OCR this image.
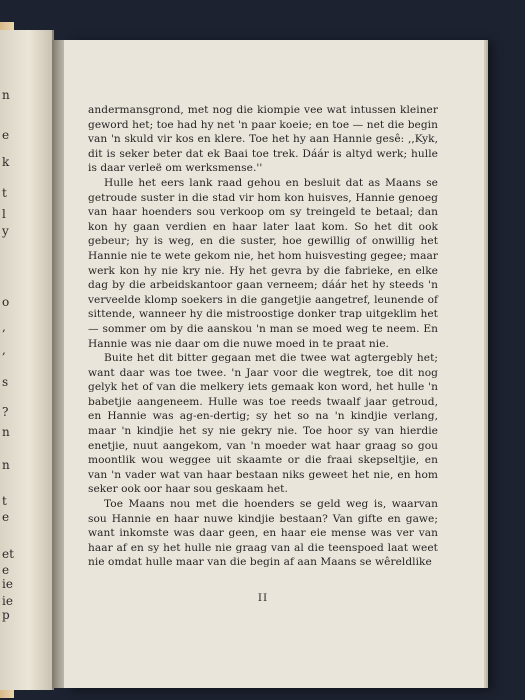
n
e
k
t
l
y
o
,
,
s
?
n
n
t
e
et
e
ie
ie
p

andermansgrond, met nog die kiompie vee wat intussen kleiner geword het; toe had hy net 'n paar koeie; en toe — net die begin van 'n skuld vir kos en klere. Toe het hy aan Hannie gesê: ,,Kyk, dit is seker beter dat ek Baai toe trek. Dáár is altyd werk; hulle is daar verleë om werksmense.''

Hulle het eers lank raad gehou en besluit dat as Maans se getroude suster in die stad vir hom kon huisves, Hannie genoeg van haar hoenders sou verkoop om sy treingeld te betaal; dan kon hy gaan verdien en haar later laat kom. So het dit ook gebeur; hy is weg, en die suster, hoe gewillig of onwillig het Hannie nie te wete gekom nie, het hom huisvesting gegee; maar werk kon hy nie kry nie. Hy het gevra by die fabrieke, en elke dag by die arbeidskantoor gaan verneem; dáár het hy steeds 'n verveelde klomp soekers in die gangetjie aangetref, leunende of sittende, wanneer hy die mistroostige donker trap uitgeklim het — sommer om by die aanskou 'n man se moed weg te neem. En Hannie was nie daar om die nuwe moed in te praat nie.

Buite het dit bitter gegaan met die twee wat agtergebly het; want daar was toe twee. 'n Jaar voor die wegtrek, toe dit nog gelyk het of van die melkery iets gemaak kon word, het hulle 'n babetjie aangeneem. Hulle was toe reeds twaalf jaar getroud, en Hannie was ag-en-dertig; sy het so na 'n kindjie verlang, maar 'n kindjie het sy nie gekry nie. Toe hoor sy van hierdie enetjie, nuut aangekom, van 'n moeder wat haar graag so gou moontlik wou weggee uit skaamte or die fraai skepseltjie, en van 'n vader wat van haar bestaan niks geweet het nie, en hom seker ook oor haar sou geskaam het.

Toe Maans nou met die hoenders se geld weg is, waarvan sou Hannie en haar nuwe kindjie bestaan? Van gifte en gawe; want inkomste was daar geen, en haar eie mense was ver van haar af en sy het hulle nie graag van al die teenspoed laat weet nie omdat hulle maar van die begin af aan Maans se wêreldlike

II
